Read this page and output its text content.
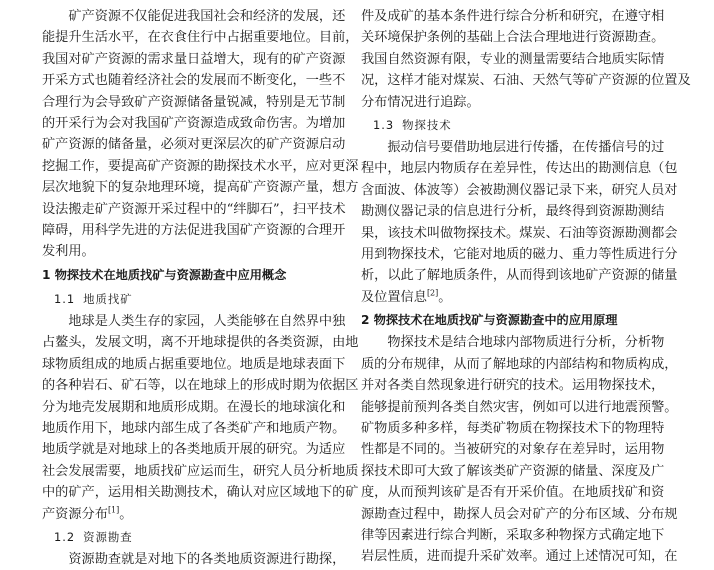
　　矿产资源不仅能促进我国社会和经济的发展，还

能提升生活水平，在衣食住行中占据重要地位。目前，

我国对矿产资源的需求量日益增大，现有的矿产资源

开采方式也随着经济社会的发展而不断变化，一些不

合理行为会导致矿产资源储备量锐减，特别是无节制

的开采行为会对我国矿产资源造成致命伤害。为增加

矿产资源的储备量，必须对更深层次的矿产资源启动

挖掘工作，要提高矿产资源的勘探技术水平，应对更深

层次地貌下的复杂地理环境，提高矿产资源产量，想方

设法搬走矿产资源开采过程中的“绊脚石”，扫平技术

障碍，用科学先进的方法促进我国矿产资源的合理开

发利用。

1 物探技术在地质找矿与资源勘查中应用概念
1.1 地质找矿

　　地球是人类生存的家园，人类能够在自然界中独

占鳌头，发展文明，离不开地球提供的各类资源，由地

球物质组成的地质占据重要地位。地质是地球表面下

的各种岩石、矿石等，以在地球上的形成时期为依据区

分为地壳发展期和地质形成期。在漫长的地球演化和

地质作用下，地球内部生成了各类矿产和地质产物。

地质学就是对地球上的各类地质开展的研究。为适应

社会发展需要，地质找矿应运而生，研究人员分析地质

中的矿产，运用相关勘测技术，确认对应区域地下的矿

产资源分布[1]。

1.2 资源勘查

　　资源勘查就是对地下的各类地质资源进行勘探，

件及成矿的基本条件进行综合分析和研究，在遵守相

关环境保护条例的基础上合法合理地进行资源勘查。

我国自然资源有限，专业的测量需要结合地质实际情

况，这样才能对煤炭、石油、天然气等矿产资源的位置及

分布情况进行追踪。

1.3 物探技术

　　振动信号要借助地层进行传播，在传播信号的过

程中，地层内物质存在差异性，传达出的勘测信息（包

含面波、体波等）会被勘测仪器记录下来，研究人员对

勘测仪器记录的信息进行分析，最终得到资源勘测结

果，该技术叫做物探技术。煤炭、石油等资源勘测都会

用到物探技术，它能对地质的磁力、重力等性质进行分

析，以此了解地质条件，从而得到该地矿产资源的储量

及位置信息[2]。

2 物探技术在地质找矿与资源勘查中的应用原理

　　物探技术是结合地球内部物质进行分析，分析物

质的分布规律，从而了解地球的内部结构和物质构成，

并对各类自然现象进行研究的技术。运用物探技术，

能够提前预判各类自然灾害，例如可以进行地震预警。

矿物质多种多样，每类矿物质在物探技术下的物理特

性都是不同的。当被研究的对象存在差异时，运用物

探技术即可大致了解该类矿产资源的储量、深度及广

度，从而预判该矿是否有开采价值。在地质找矿和资

源勘查过程中，勘探人员会对矿产的分布区域、分布规

律等因素进行综合判断，采取多种物探方式确定地下

岩层性质，进而提升采矿效率。通过上述情况可知，在
